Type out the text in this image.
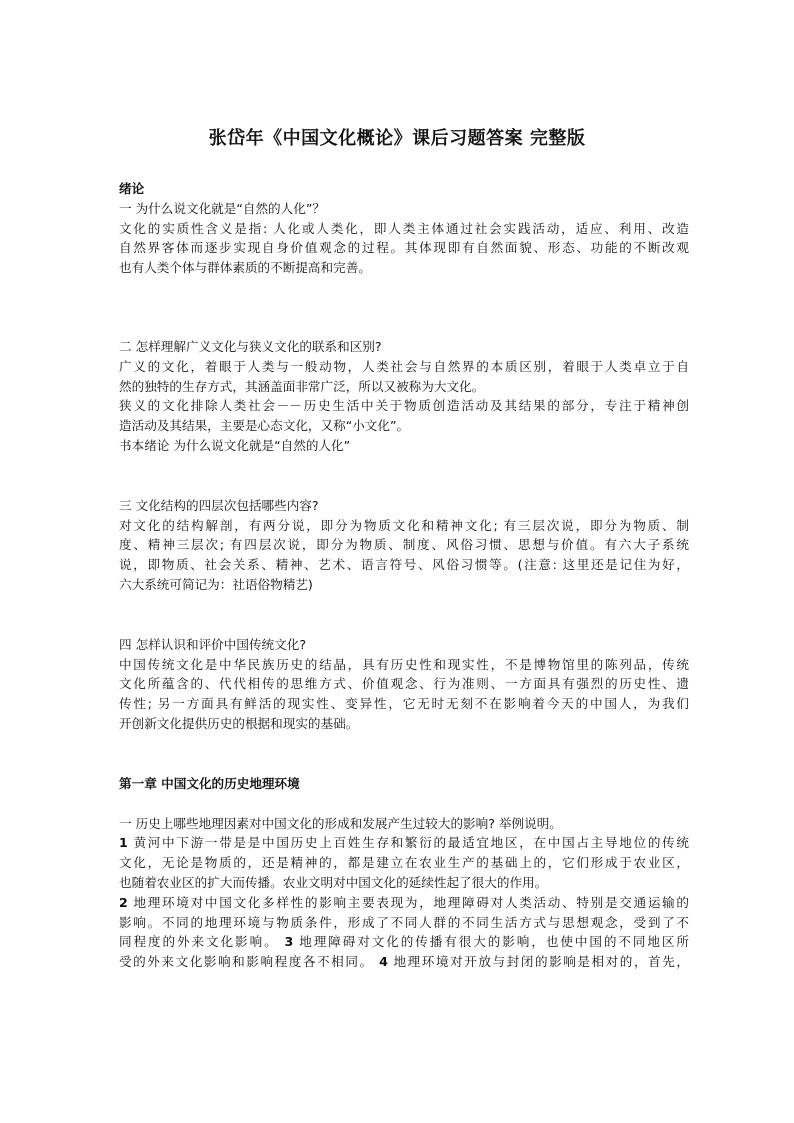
张岱年《中国文化概论》课后习题答案 完整版
绪论
一 为什么说文化就是“自然的人化”？
文化的实质性含义是指: 人化或人类化，即人类主体通过社会实践活动，适应、利用、改造
自然界客体而逐步实现自身价值观念的过程。其体现即有自然面貌、形态、功能的不断改观
也有人类个体与群体素质的不断提高和完善。
二 怎样理解广义文化与狭义文化的联系和区别?
广义的文化，着眼于人类与一般动物，人类社会与自然界的本质区别，着眼于人类卓立于自
然的独特的生存方式，其涵盖面非常广泛，所以又被称为大文化。
狭义的文化排除人类社会－－历史生活中关于物质创造活动及其结果的部分，专注于精神创
造活动及其结果，主要是心态文化，又称“小文化”。
书本绪论 为什么说文化就是“自然的人化”
三 文化结构的四层次包括哪些内容?
对文化的结构解剖，有两分说，即分为物质文化和精神文化; 有三层次说，即分为物质、制
度、精神三层次; 有四层次说，即分为物质、制度、风俗习惯、思想与价值。有六大子系统
说，即物质、社会关系、精神、艺术、语言符号、风俗习惯等。(注意: 这里还是记住为好，
六大系统可简记为：社语俗物精艺)
四 怎样认识和评价中国传统文化?
中国传统文化是中华民族历史的结晶，具有历史性和现实性，不是博物馆里的陈列品，传统
文化所蕴含的、代代相传的思维方式、价值观念、行为准则、一方面具有强烈的历史性、遗
传性; 另一方面具有鲜活的现实性、变异性，它无时无刻不在影响着今天的中国人，为我们
开创新文化提供历史的根据和现实的基础。
第一章 中国文化的历史地理环境
一 历史上哪些地理因素对中国文化的形成和发展产生过较大的影响? 举例说明。
1 黄河中下游一带是是中国历史上百姓生存和繁衍的最适宜地区，在中国占主导地位的传统
文化，无论是物质的，还是精神的，都是建立在农业生产的基础上的，它们形成于农业区，
也随着农业区的扩大而传播。农业文明对中国文化的延续性起了很大的作用。
2 地理环境对中国文化多样性的影响主要表现为，地理障碍对人类活动、特别是交通运输的
影响。不同的地理环境与物质条件，形成了不同人群的不同生活方式与思想观念，受到了不
同程度的外来文化影响。 3 地理障碍对文化的传播有很大的影响，也使中国的不同地区所
受的外来文化影响和影响程度各不相同。 4 地理环境对开放与封闭的影响是相对的，首先，
